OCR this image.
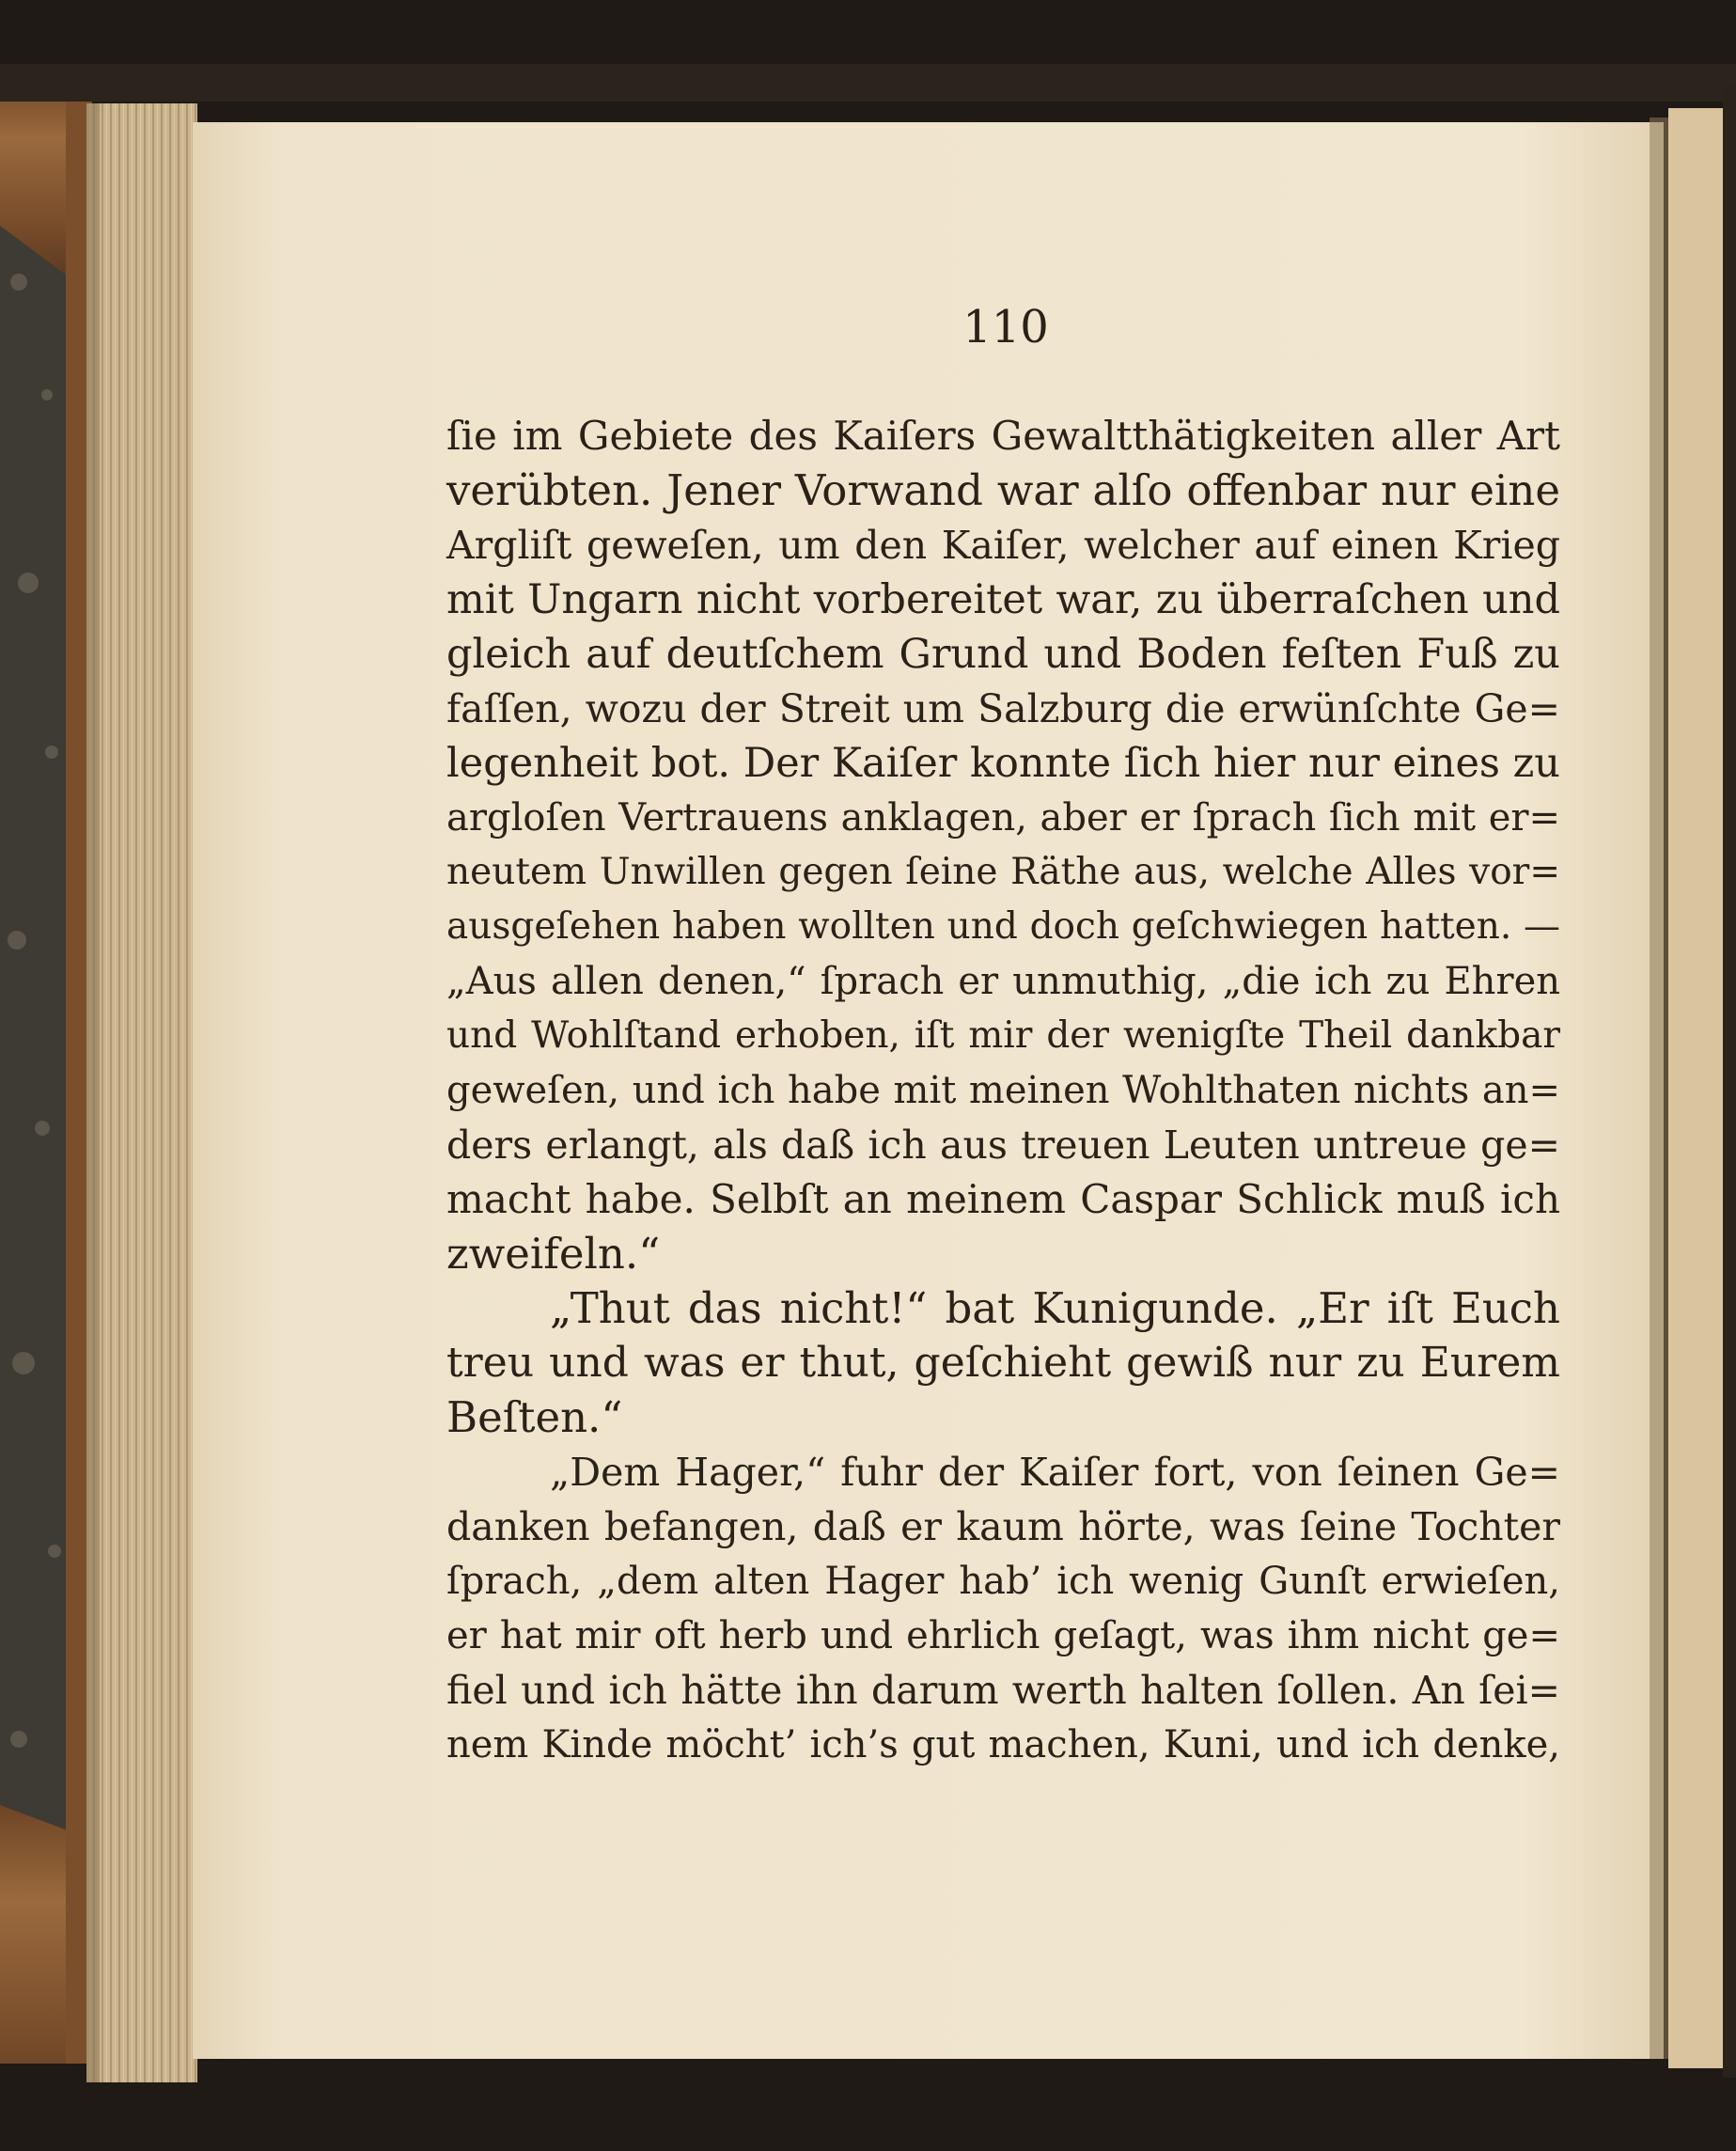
110
ſie im Gebiete des Kaiſers Gewaltthätigkeiten aller Art
verübten. Jener Vorwand war alſo offenbar nur eine
Argliſt geweſen, um den Kaiſer, welcher auf einen Krieg
mit Ungarn nicht vorbereitet war, zu überraſchen und
gleich auf deutſchem Grund und Boden feſten Fuß zu
faſſen, wozu der Streit um Salzburg die erwünſchte Ge=
legenheit bot. Der Kaiſer konnte ſich hier nur eines zu
argloſen Vertrauens anklagen, aber er ſprach ſich mit er=
neutem Unwillen gegen ſeine Räthe aus, welche Alles vor=
ausgeſehen haben wollten und doch geſchwiegen hatten. —
„Aus allen denen,“ ſprach er unmuthig, „die ich zu Ehren
und Wohlſtand erhoben, iſt mir der wenigſte Theil dankbar
geweſen, und ich habe mit meinen Wohlthaten nichts an=
ders erlangt, als daß ich aus treuen Leuten untreue ge=
macht habe. Selbſt an meinem Caspar Schlick muß ich
zweifeln.“
„Thut das nicht!“ bat Kunigunde. „Er iſt Euch
treu und was er thut, geſchieht gewiß nur zu Eurem
Beſten.“
„Dem Hager,“ fuhr der Kaiſer fort, von ſeinen Ge=
danken befangen, daß er kaum hörte, was ſeine Tochter
ſprach, „dem alten Hager hab’ ich wenig Gunſt erwieſen,
er hat mir oft herb und ehrlich geſagt, was ihm nicht ge=
fiel und ich hätte ihn darum werth halten ſollen. An ſei=
nem Kinde möcht’ ich’s gut machen, Kuni, und ich denke,
